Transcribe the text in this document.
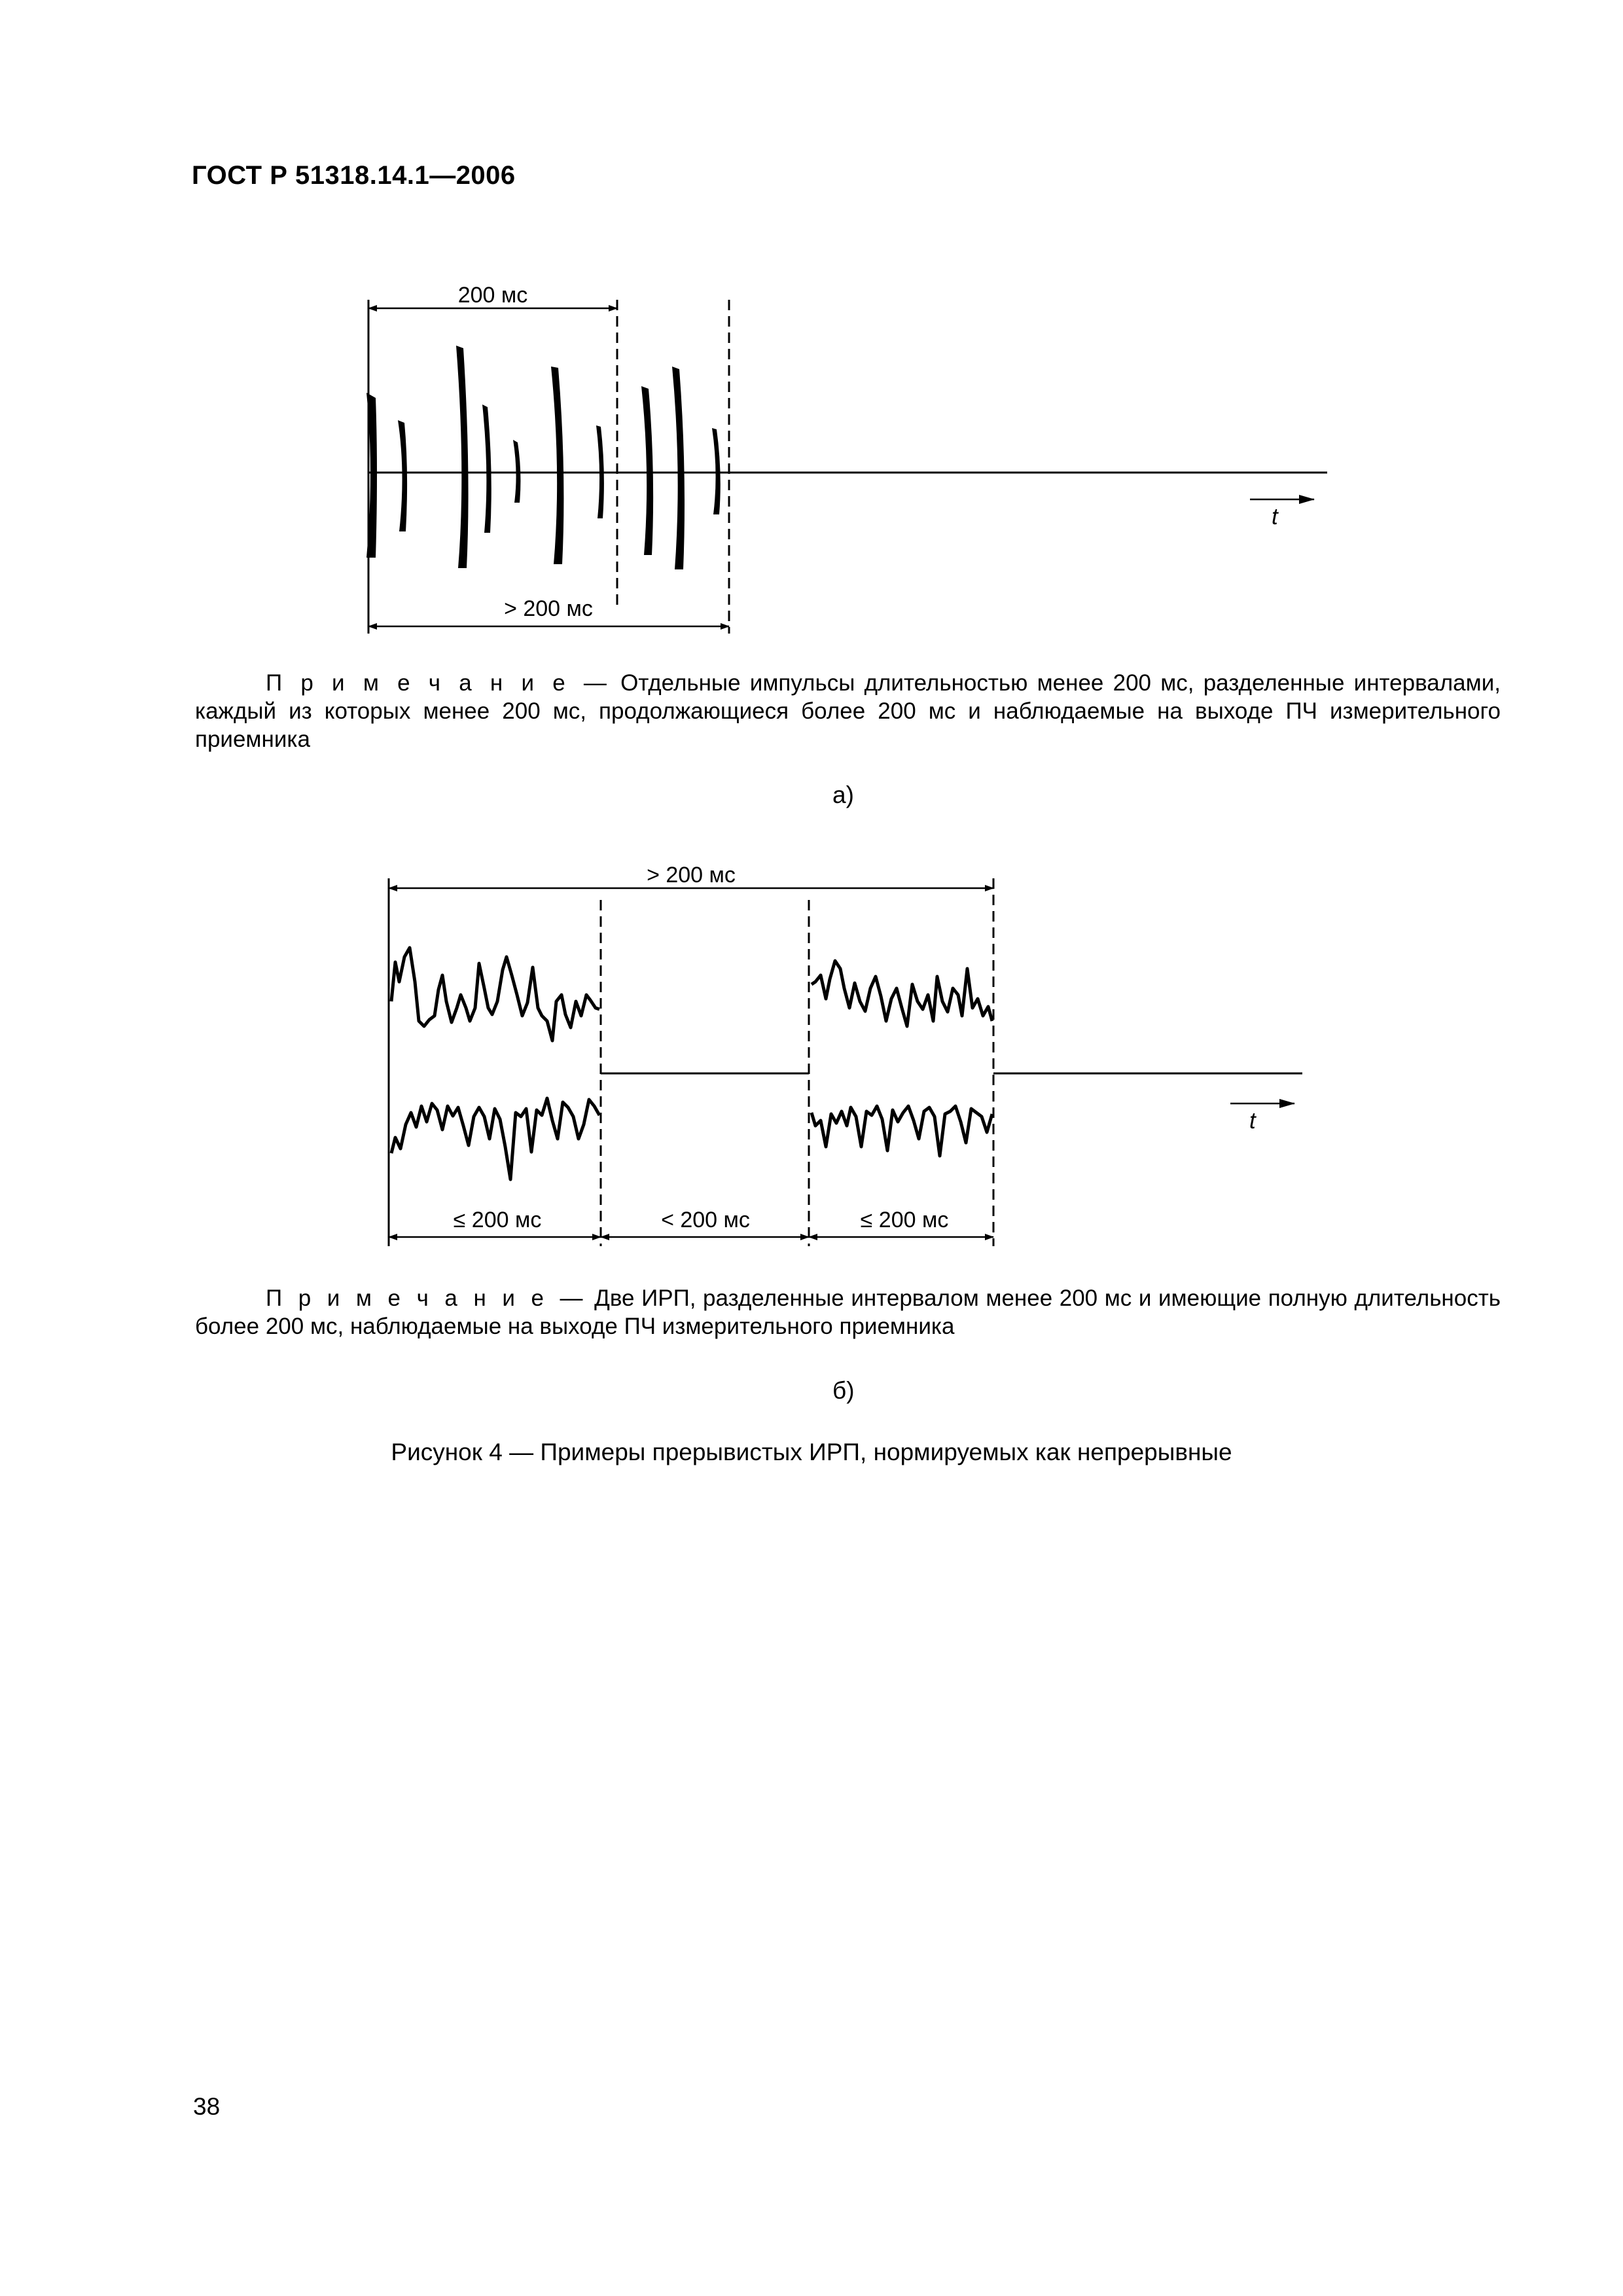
ГОСТ Р 51318.14.1—2006
t
200 мс
> 200 мс
t
> 200 мс
≤ 200 мс	< 200 мс	≤ 200 мс
П р и м е ч а н и е — Отдельные импульсы длительностью менее 200 мс, разделенные интервалами, каждый из которых менее 200 мс, продолжающиеся более 200 мс и наблюдаемые на выходе ПЧ измерительного приемника
а)
П р и м е ч а н и е — Две ИРП, разделенные интервалом менее 200 мс и имеющие полную длительность более 200 мс, наблюдаемые на выходе ПЧ измерительного приемника
б)
Рисунок 4 — Примеры прерывистых ИРП, нормируемых как непрерывные
38
